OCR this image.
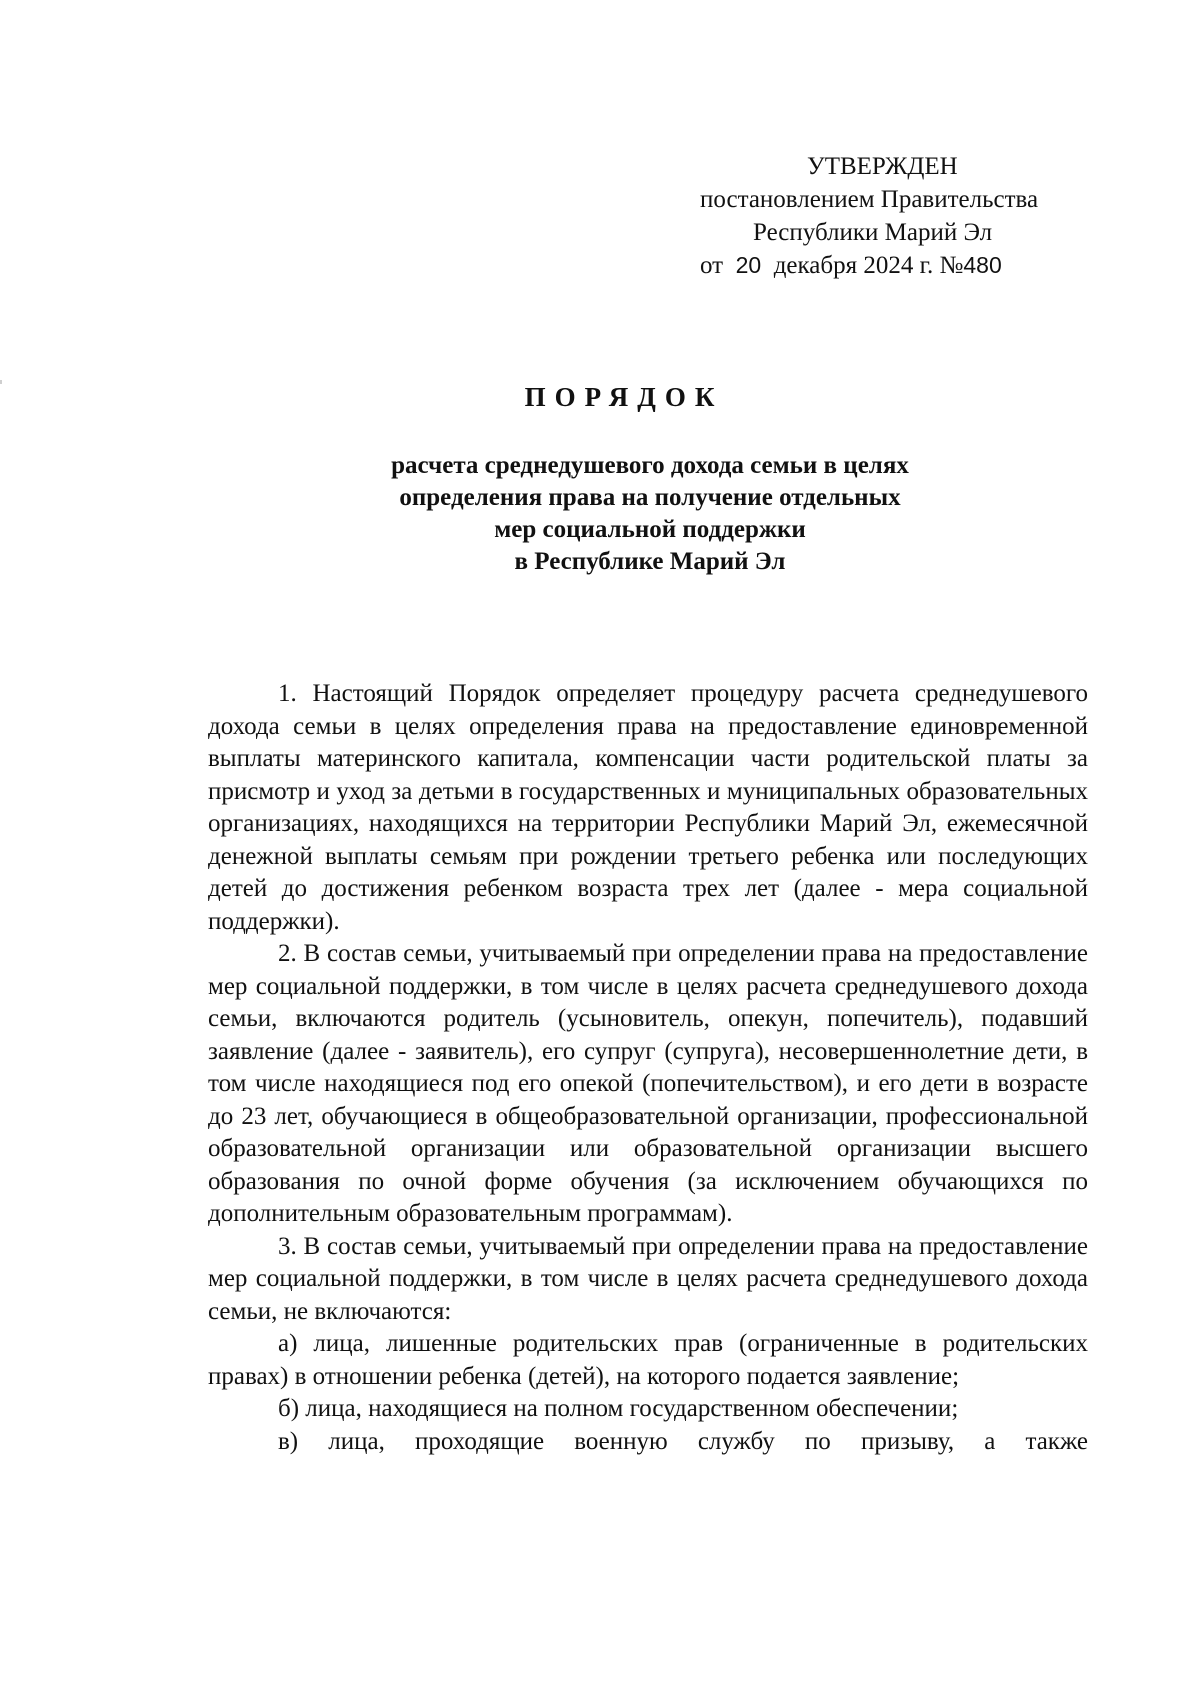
УТВЕРЖДЕН
постановлением Правительства
Республики Марий Эл
от 20 декабря 2024 г. №480
ПОРЯДОК
расчета среднедушевого дохода семьи в целях
определения права на получение отдельных
мер социальной поддержки
в Республике Марий Эл

1. Настоящий Порядок определяет процедуру расчета среднедушевого дохода семьи в целях определения права на предоставление единовременной выплаты материнского капитала, компенсации части родительской платы за присмотр и уход за детьми в государственных и муниципальных образовательных организациях, находящихся на территории Республики Марий Эл, ежемесячной денежной выплаты семьям при рождении третьего ребенка или последующих детей до достижения ребенком возраста трех лет (далее - мера социальной поддержки).

2. В состав семьи, учитываемый при определении права на предоставление мер социальной поддержки, в том числе в целях расчета среднедушевого дохода семьи, включаются родитель (усыновитель, опекун, попечитель), подавший заявление (далее - заявитель), его супруг (супруга), несовершеннолетние дети, в том числе находящиеся под его опекой (попечительством), и его дети в возрасте до 23 лет, обучающиеся в общеобразовательной организации, профессиональной образовательной организации или образовательной организации высшего образования по очной форме обучения (за исключением обучающихся по дополнительным образовательным программам).

3. В состав семьи, учитываемый при определении права на предоставление мер социальной поддержки, в том числе в целях расчета среднедушевого дохода семьи, не включаются:

а) лица, лишенные родительских прав (ограниченные в родительских правах) в отношении ребенка (детей), на которого подается заявление;

б) лица, находящиеся на полном государственном обеспечении;

в) лица, проходящие военную службу по призыву, а также
